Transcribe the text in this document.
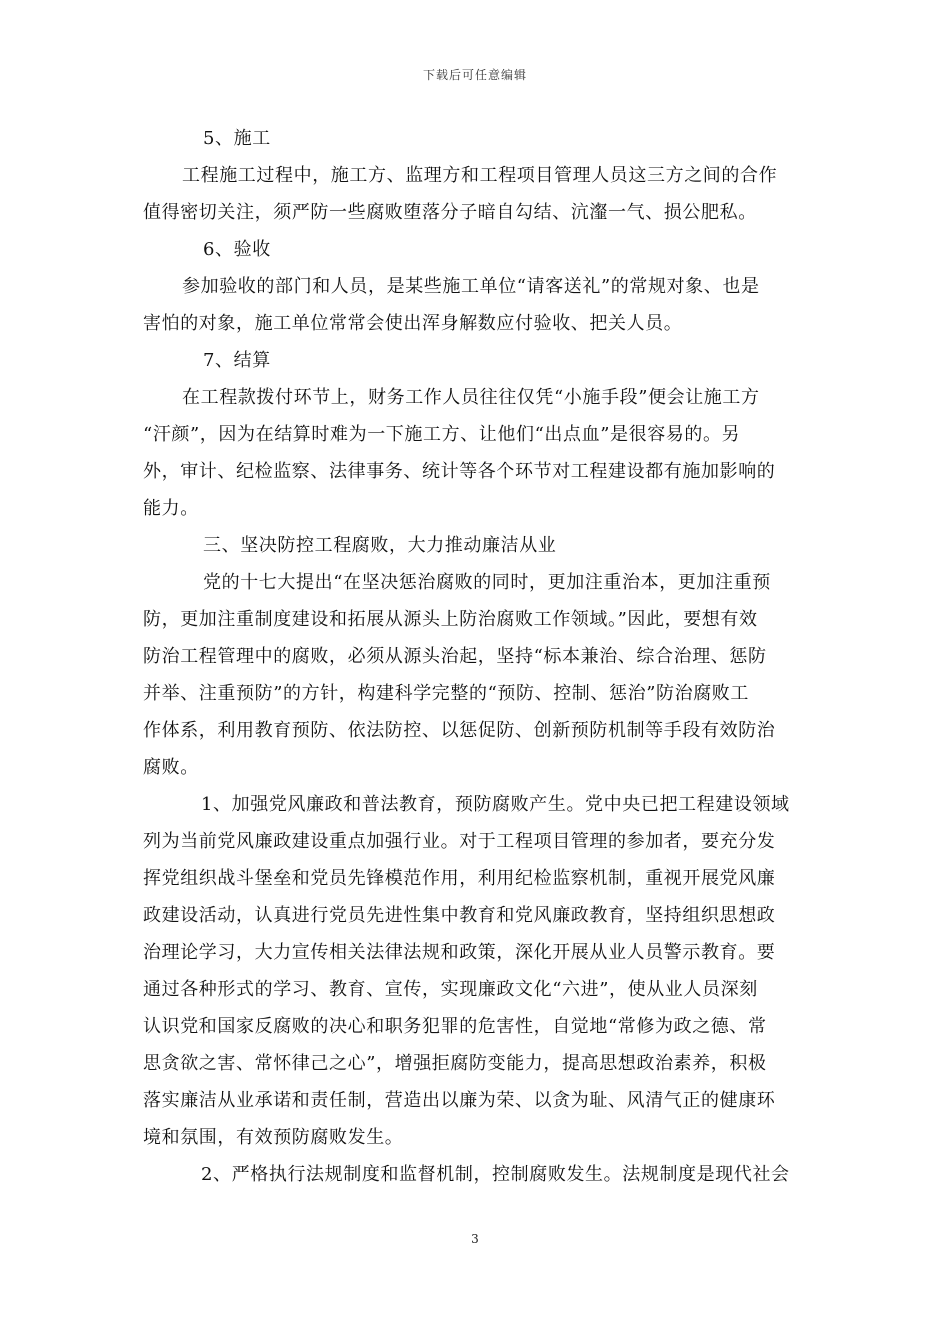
下载后可任意编辑
5、施工
工程施工过程中，施工方、监理方和工程项目管理人员这三方之间的合作
值得密切关注，须严防一些腐败堕落分子暗自勾结、沆瀣一气、损公肥私。
6、验收
参加验收的部门和人员，是某些施工单位“请客送礼”的常规对象、也是
害怕的对象，施工单位常常会使出浑身解数应付验收、把关人员。
7、结算
在工程款拨付环节上，财务工作人员往往仅凭“小施手段”便会让施工方
“汗颜”，因为在结算时难为一下施工方、让他们“出点血”是很容易的。另
外，审计、纪检监察、法律事务、统计等各个环节对工程建设都有施加影响的
能力。
三、坚决防控工程腐败，大力推动廉洁从业
党的十七大提出“在坚决惩治腐败的同时，更加注重治本，更加注重预
防，更加注重制度建设和拓展从源头上防治腐败工作领域。”因此，要想有效
防治工程管理中的腐败，必须从源头治起，坚持“标本兼治、综合治理、惩防
并举、注重预防”的方针，构建科学完整的“预防、控制、惩治”防治腐败工
作体系，利用教育预防、依法防控、以惩促防、创新预防机制等手段有效防治
腐败。
1、加强党风廉政和普法教育，预防腐败产生。党中央已把工程建设领域
列为当前党风廉政建设重点加强行业。对于工程项目管理的参加者，要充分发
挥党组织战斗堡垒和党员先锋模范作用，利用纪检监察机制，重视开展党风廉
政建设活动，认真进行党员先进性集中教育和党风廉政教育，坚持组织思想政
治理论学习，大力宣传相关法律法规和政策，深化开展从业人员警示教育。要
通过各种形式的学习、教育、宣传，实现廉政文化“六进”，使从业人员深刻
认识党和国家反腐败的决心和职务犯罪的危害性，自觉地“常修为政之德、常
思贪欲之害、常怀律己之心”，增强拒腐防变能力，提高思想政治素养，积极
落实廉洁从业承诺和责任制，营造出以廉为荣、以贪为耻、风清气正的健康环
境和氛围，有效预防腐败发生。
2、严格执行法规制度和监督机制，控制腐败发生。法规制度是现代社会
3
